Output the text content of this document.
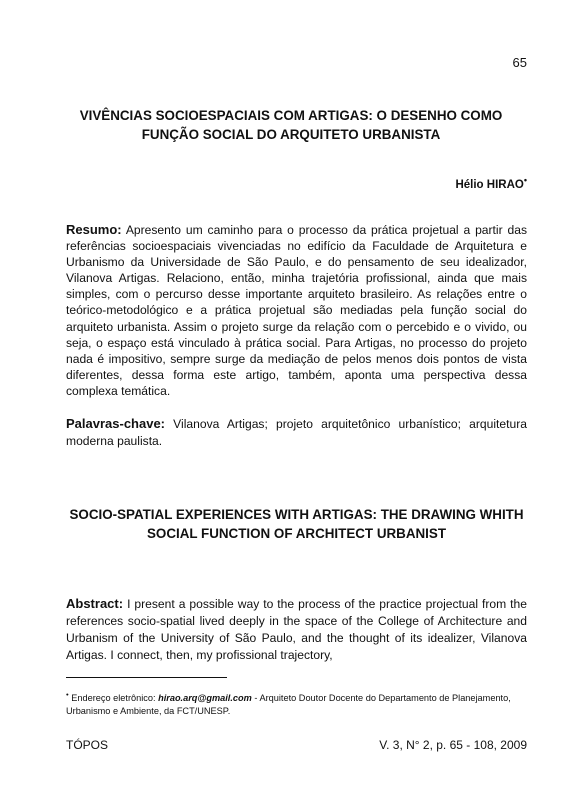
65
VIVÊNCIAS SOCIOESPACIAIS COM ARTIGAS: O DESENHO COMO FUNÇÃO SOCIAL DO ARQUITETO URBANISTA
Hélio HIRAO•
Resumo: Apresento um caminho para o processo da prática projetual a partir das referências socioespaciais vivenciadas no edifício da Faculdade de Arquitetura e Urbanismo da Universidade de São Paulo, e do pensamento de seu idealizador, Vilanova Artigas. Relaciono, então, minha trajetória profissional, ainda que mais simples, com o percurso desse importante arquiteto brasileiro. As relações entre o teórico-metodológico e a prática projetual são mediadas pela função social do arquiteto urbanista. Assim o projeto surge da relação com o percebido e o vivido, ou seja, o espaço está vinculado à prática social. Para Artigas, no processo do projeto nada é impositivo, sempre surge da mediação de pelos menos dois pontos de vista diferentes, dessa forma este artigo, também, aponta uma perspectiva dessa complexa temática.
Palavras-chave: Vilanova Artigas; projeto arquitetônico urbanístico; arquitetura moderna paulista.
SOCIO-SPATIAL EXPERIENCES WITH ARTIGAS: THE DRAWING WHITH SOCIAL FUNCTION OF ARCHITECT URBANIST
Abstract: I present a possible way to the process of the practice projectual from the references socio-spatial lived deeply in the space of the College of Architecture and Urbanism of the University of São Paulo, and the thought of its idealizer, Vilanova Artigas. I connect, then, my profissional trajectory,
• Endereço eletrônico: hirao.arq@gmail.com - Arquiteto Doutor Docente do Departamento de Planejamento, Urbanismo e Ambiente, da FCT/UNESP.
TÓPOS	V. 3, N° 2, p. 65 - 108, 2009
